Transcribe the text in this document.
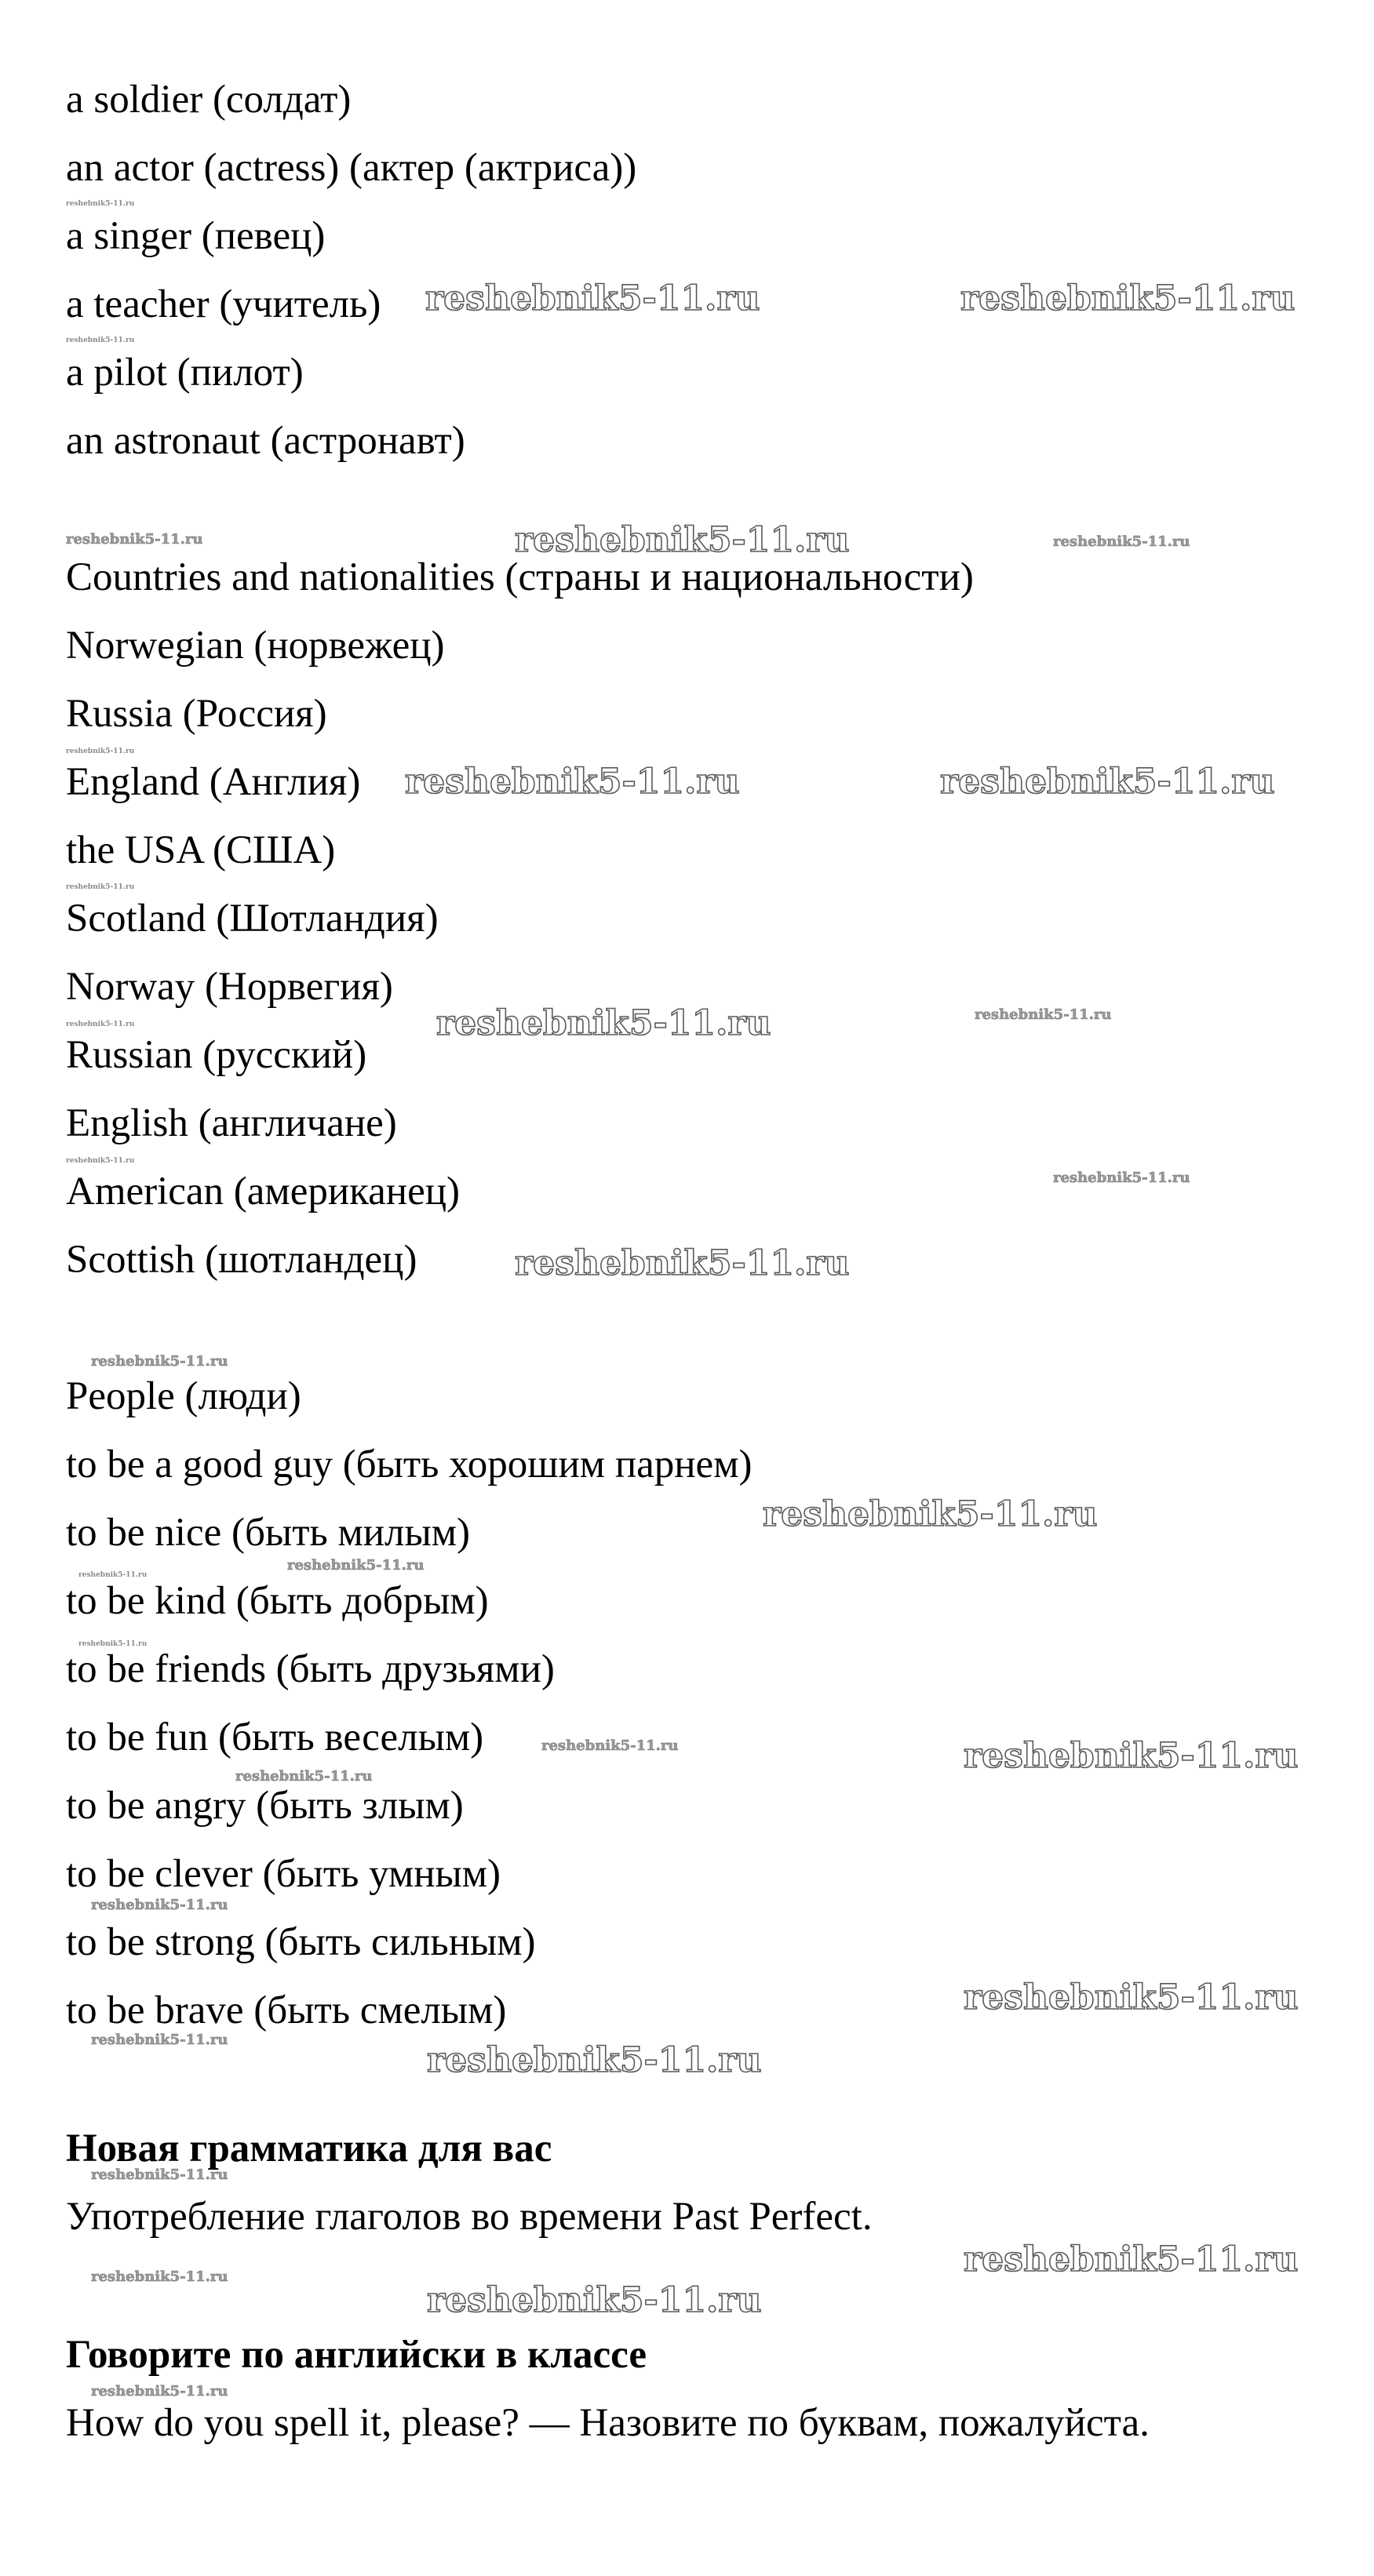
a soldier (солдат)
an actor (actress) (актер (актриса))
a singer (певец)
a teacher (учитель)
a pilot (пилот)
an astronaut (астронавт)
Countries and nationalities (страны и национальности)
Norwegian (норвежец)
Russia (Россия)
England (Англия)
the USA (США)
Scotland (Шотландия)
Norway (Норвегия)
Russian (русский)
English (англичане)
American (американец)
Scottish (шотландец)
People (люди)
to be a good guy (быть хорошим парнем)
to be nice (быть милым)
to be kind (быть добрым)
to be friends (быть друзьями)
to be fun (быть веселым)
to be angry (быть злым)
to be clever (быть умным)
to be strong (быть сильным)
to be brave (быть смелым)
Новая грамматика для вас
Употребление глаголов во времени Past Perfect.
Говорите по английски в классе
How do you spell it, please? — Назовите по буквам, пожалуйста.
reshebnik5-11.ru
reshebnik5-11.ru	reshebnik5-11.ru
reshebnik5-11.ru
reshebnik5-11.ru	reshebnik5-11.ru	reshebnik5-11.ru
reshebnik5-11.ru
reshebnik5-11.ru	reshebnik5-11.ru
reshebnik5-11.ru
reshebnik5-11.ru	reshebnik5-11.ru	reshebnik5-11.ru
reshebnik5-11.ru
reshebnik5-11.ru
reshebnik5-11.ru
reshebnik5-11.ru
reshebnik5-11.ru
reshebnik5-11.ru
reshebnik5-11.ru
reshebnik5-11.ru
reshebnik5-11.ru	reshebnik5-11.ru
reshebnik5-11.ru
reshebnik5-11.ru
reshebnik5-11.ru
reshebnik5-11.ru
reshebnik5-11.ru
reshebnik5-11.ru
reshebnik5-11.ru
reshebnik5-11.ru
reshebnik5-11.ru
reshebnik5-11.ru
